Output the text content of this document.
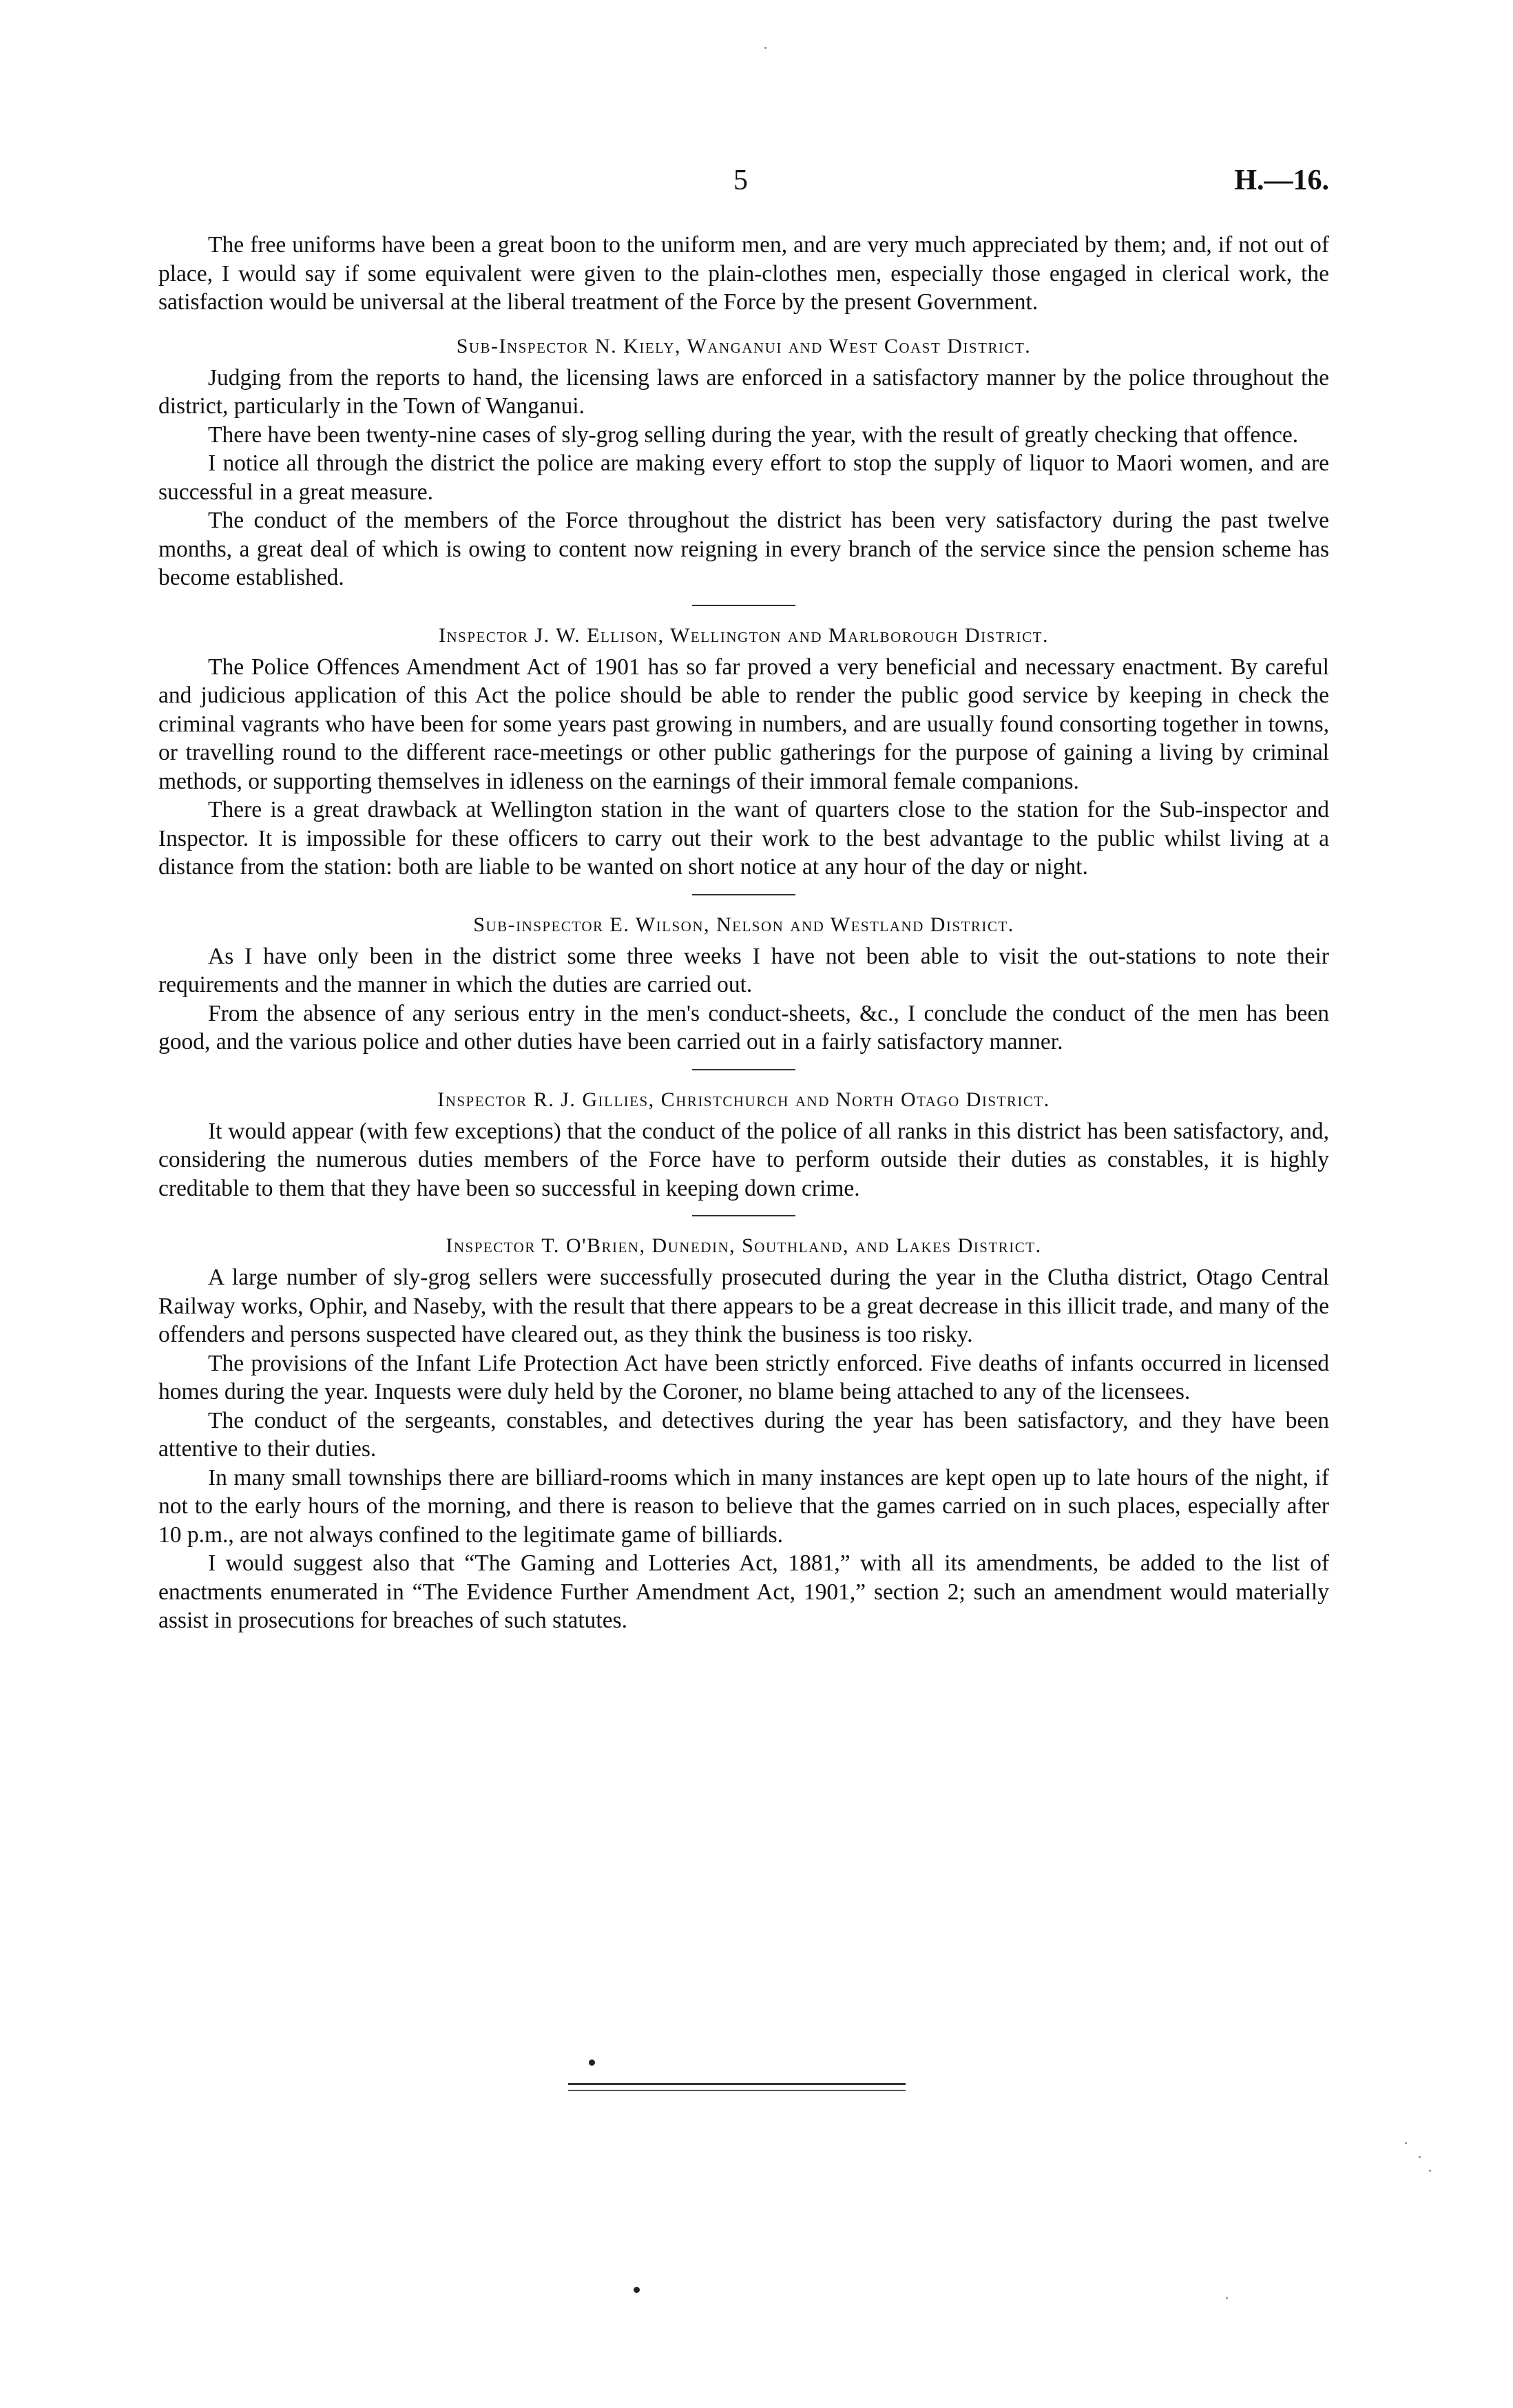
5	H.—16.

The free uniforms have been a great boon to the uniform men, and are very much appreciated by them; and, if not out of place, I would say if some equivalent were given to the plain-clothes men, especially those engaged in clerical work, the satisfaction would be universal at the liberal treatment of the Force by the present Government.

Sub-Inspector N. Kiely, Wanganui and West Coast District.

Judging from the reports to hand, the licensing laws are enforced in a satisfactory manner by the police throughout the district, particularly in the Town of Wanganui.

There have been twenty-nine cases of sly-grog selling during the year, with the result of greatly checking that offence.

I notice all through the district the police are making every effort to stop the supply of liquor to Maori women, and are successful in a great measure.

The conduct of the members of the Force throughout the district has been very satisfactory during the past twelve months, a great deal of which is owing to content now reigning in every branch of the service since the pension scheme has become established.

Inspector J. W. Ellison, Wellington and Marlborough District.

The Police Offences Amendment Act of 1901 has so far proved a very beneficial and necessary enactment. By careful and judicious application of this Act the police should be able to render the public good service by keeping in check the criminal vagrants who have been for some years past growing in numbers, and are usually found consorting together in towns, or travelling round to the different race-meetings or other public gatherings for the purpose of gaining a living by criminal methods, or supporting themselves in idleness on the earnings of their immoral female companions.

There is a great drawback at Wellington station in the want of quarters close to the station for the Sub-inspector and Inspector. It is impossible for these officers to carry out their work to the best advantage to the public whilst living at a distance from the station: both are liable to be wanted on short notice at any hour of the day or night.

Sub-inspector E. Wilson, Nelson and Westland District.

As I have only been in the district some three weeks I have not been able to visit the out-stations to note their requirements and the manner in which the duties are carried out.

From the absence of any serious entry in the men's conduct-sheets, &c., I conclude the conduct of the men has been good, and the various police and other duties have been carried out in a fairly satisfactory manner.

Inspector R. J. Gillies, Christchurch and North Otago District.

It would appear (with few exceptions) that the conduct of the police of all ranks in this district has been satisfactory, and, considering the numerous duties members of the Force have to perform outside their duties as constables, it is highly creditable to them that they have been so successful in keeping down crime.

Inspector T. O'Brien, Dunedin, Southland, and Lakes District.

A large number of sly-grog sellers were successfully prosecuted during the year in the Clutha district, Otago Central Railway works, Ophir, and Naseby, with the result that there appears to be a great decrease in this illicit trade, and many of the offenders and persons suspected have cleared out, as they think the business is too risky.

The provisions of the Infant Life Protection Act have been strictly enforced. Five deaths of infants occurred in licensed homes during the year. Inquests were duly held by the Coroner, no blame being attached to any of the licensees.

The conduct of the sergeants, constables, and detectives during the year has been satisfactory, and they have been attentive to their duties.

In many small townships there are billiard-rooms which in many instances are kept open up to late hours of the night, if not to the early hours of the morning, and there is reason to believe that the games carried on in such places, especially after 10 p.m., are not always confined to the legitimate game of billiards.

I would suggest also that “The Gaming and Lotteries Act, 1881,” with all its amendments, be added to the list of enactments enumerated in “The Evidence Further Amendment Act, 1901,” section 2; such an amendment would materially assist in prosecutions for breaches of such statutes.
